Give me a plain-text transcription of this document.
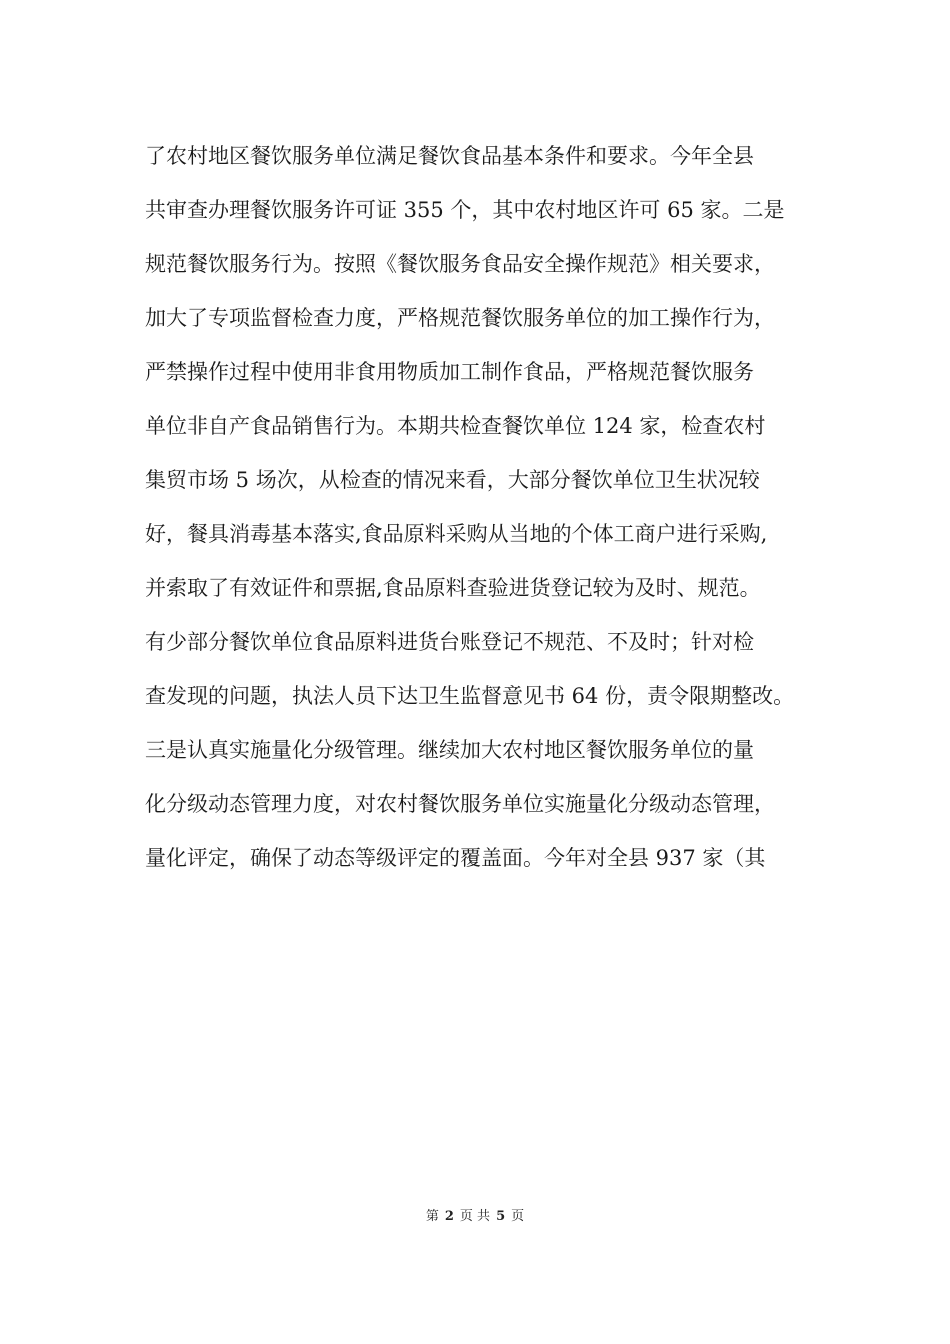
了农村地区餐饮服务单位满足餐饮食品基本条件和要求。今年全县
共审查办理餐饮服务许可证 355 个，其中农村地区许可 65 家。二是
规范餐饮服务行为。按照《餐饮服务食品安全操作规范》相关要求，
加大了专项监督检查力度，严格规范餐饮服务单位的加工操作行为，
严禁操作过程中使用非食用物质加工制作食品，严格规范餐饮服务
单位非自产食品销售行为。本期共检查餐饮单位 124 家，检查农村
集贸市场 5 场次，从检查的情况来看，大部分餐饮单位卫生状况较
好，餐具消毒基本落实,食品原料采购从当地的个体工商户进行采购,
并索取了有效证件和票据,食品原料查验进货登记较为及时、规范。
有少部分餐饮单位食品原料进货台账登记不规范、不及时；针对检
查发现的问题，执法人员下达卫生监督意见书 64 份，责令限期整改。
三是认真实施量化分级管理。继续加大农村地区餐饮服务单位的量
化分级动态管理力度，对农村餐饮服务单位实施量化分级动态管理，
量化评定，确保了动态等级评定的覆盖面。今年对全县 937 家（其
第 2 页 共 5 页
